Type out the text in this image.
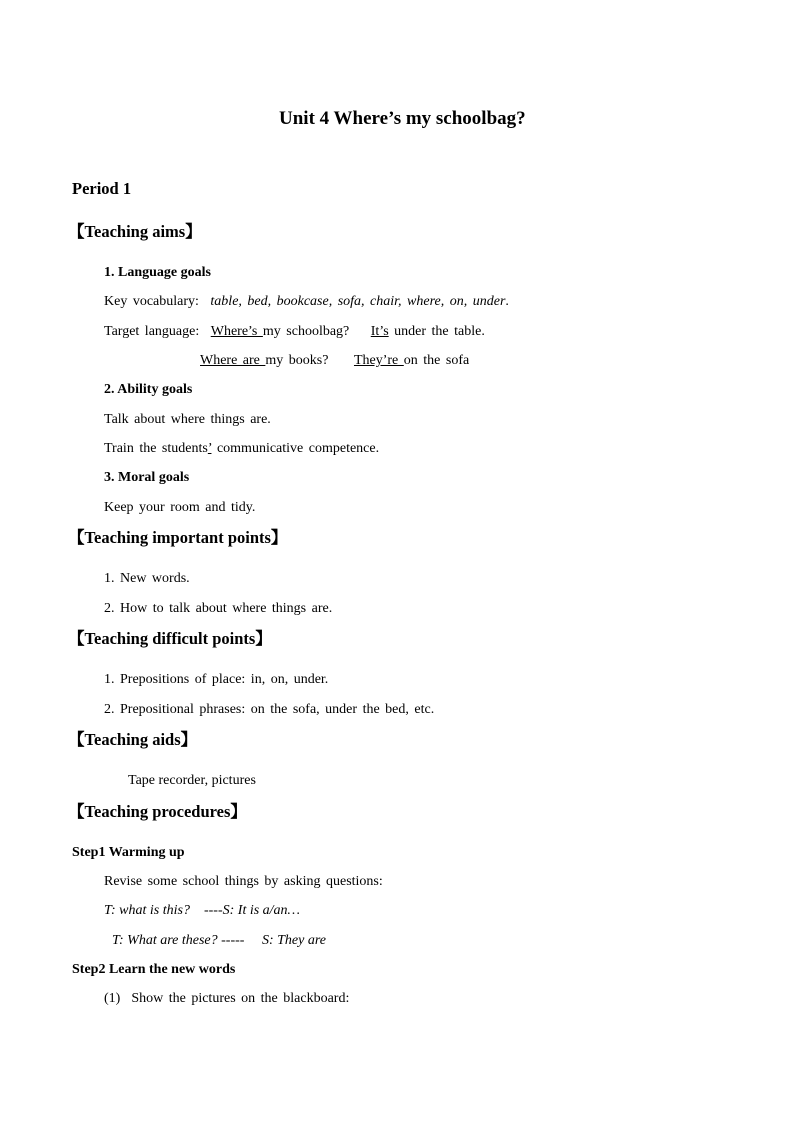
Unit 4 Where’s my schoolbag?
Period 1
【Teaching aims】
1. Language goals
Key vocabulary: table, bed, bookcase, sofa, chair, where, on, under.
Target language: Where’s my schoolbag? It’s under the table.
Where are my books? They’re on the sofa
2. Ability goals
Talk about where things are.
Train the students’ communicative competence.
3. Moral goals
Keep your room and tidy.
【Teaching important points】
1. New words.
2. How to talk about where things are.
【Teaching difficult points】
1. Prepositions of place: in, on, under.
2. Prepositional phrases: on the sofa, under the bed, etc.
【Teaching aids】
Tape recorder, pictures
【Teaching procedures】
Step1 Warming up
Revise some school things by asking questions:
T: what is this?    ----S: It is a/an…
T: What are these? -----     S: They are
Step2 Learn the new words
(1)  Show the pictures on the blackboard:
